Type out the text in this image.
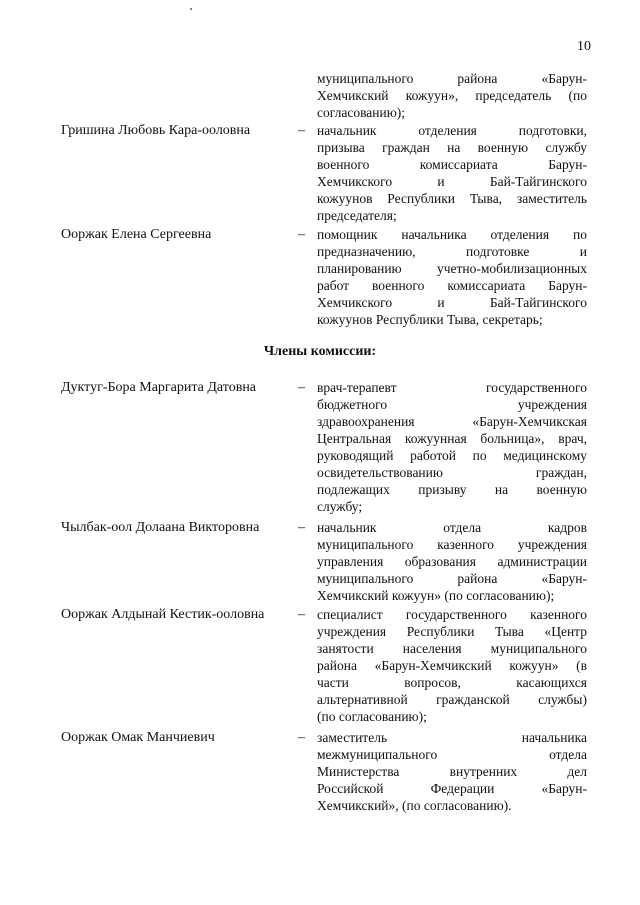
10
муниципального района «Барун-
Хемчикский кожуун», председатель (по
согласованию);
Гришина Любовь Кара-ооловна	– начальник отделения подготовки,
призыва граждан на военную службу
военного комиссариата Барун-
Хемчикского и Бай-Тайгинского
кожуунов Республики Тыва, заместитель
председателя;
Ооржак Елена Сергеевна	– помощник начальника отделения по
предназначению, подготовке и
планированию учетно-мобилизационных
работ военного комиссариата Барун-
Хемчикского и Бай-Тайгинского
кожуунов Республики Тыва, секретарь;
Члены комиссии:
Дуктуг-Бора Маргарита Датовна	– врач-терапевт государственного
бюджетного учреждения
здравоохранения «Барун-Хемчикская
Центральная кожуунная больница», врач,
руководящий работой по медицинскому
освидетельствованию граждан,
подлежащих призыву на военную
службу;
Чылбак-оол Долаана Викторовна	– начальник отдела кадров
муниципального казенного учреждения
управления образования администрации
муниципального района «Барун-
Хемчикский кожуун» (по согласованию);
Ооржак Алдынай Кестик-ооловна – специалист государственного казенного
учреждения Республики Тыва «Центр
занятости населения муниципального
района «Барун-Хемчикский кожуун» (в
части вопросов, касающихся
альтернативной гражданской службы)
(по согласованию);
Ооржак Омак Манчиевич	– заместитель начальника
межмуниципального отдела
Министерства внутренних дел
Российской Федерации «Барун-
Хемчикский», (по согласованию).
